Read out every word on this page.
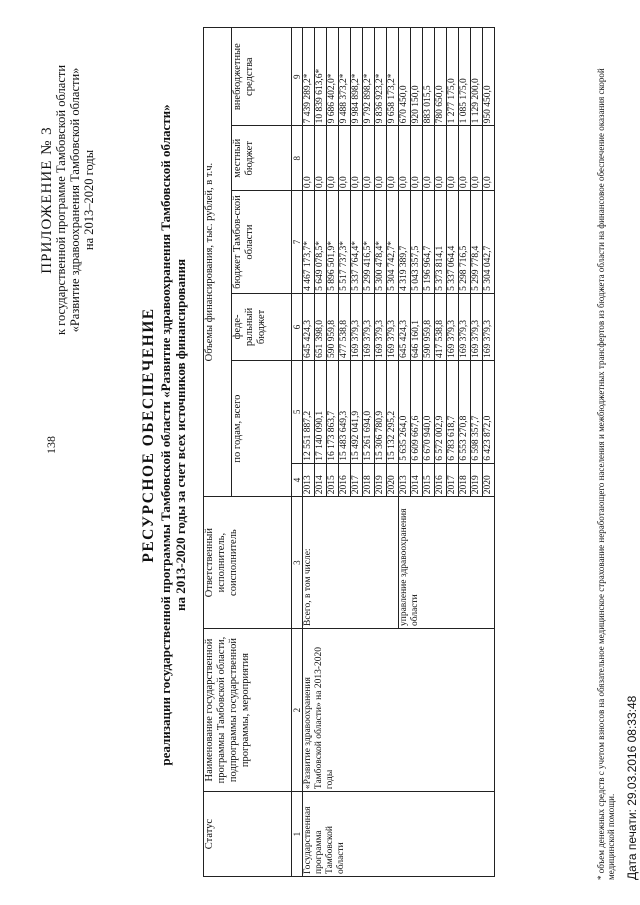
138
ПРИЛОЖЕНИЕ № 3 к государственной программе Тамбовской области «Развитие здравоохранения Тамбовской области» на 2013–2020 годы
РЕСУРСНОЕ ОБЕСПЕЧЕНИЕ реализации государственной программы Тамбовской области «Развитие здравоохранения Тамбовской области» на 2013-2020 годы за счет всех источников финансирования
Статус	Наименование государственной программы Тамбовской области, подпрограммы государственной программы, мероприятия	Ответственный исполнитель, соисполнитель	Объемы финансирования, тыс. рублей, в т.ч.					
			по годам, всего		феде-ральный бюджет	бюджет Тамбов-ской области	местный бюджет	внебюджетные средства
1	2	3	4	5	6	7	8	9
Государственная программа Тамбовской области	«Развитие здравоохранения Тамбовской области» на 2013-2020 годы	Всего, в том числе:	2013	12 551 887,2	645 424,3	4 467 173,7*	0,0	7 439 289,2*
			2014	17 140 090,1	651 398,0	5 649 078,5*	0,0	10 839 613,6*
			2015	16 173 863,7	590 959,8	5 896 501,9*	0,0	9 686 402,0*
			2016	15 483 649,3	477 538,8	5 517 737,3*	0,0	9 488 373,2*
			2017	15 492 041,9	169 379,3	5 337 764,4*	0,0	9 984 898,2*
			2018	15 261 694,0	169 379,3	5 299 416,5*	0,0	9 792 898,2*
			2019	15 306 780,9	169 379,3	5 300 478,4*	0,0	9 836 923,2*
			2020	15 132 295,2	169 379,3	5 304 742,7*	0,0	9 658 173,2*
		управление здравоохранения области	2013	5 635 264,0	645 424,3	4 319 389,7	0,0	670 450,0
			2014	6 609 667,6	646 160,1	5 043 357,5	0,0	920 150,0
			2015	6 670 940,0	590 959,8	5 196 964,7	0,0	883 015,5
			2016	6 572 002,9	417 538,8	5 373 814,1	0,0	780 650,0
			2017	6 783 618,7	169 379,3	5 337 064,4	0,0	1 277 175,0
			2018	6 553 270,8	169 379,3	5 298 716,5	0,0	1 085 175,0
			2019	6 598 357,7	169 379,3	5 299 778,4	0,0	1 129 200,0
			2020	6 423 872,0	169 379,3	5 304 042,7	0,0	950 450,0	* объем денежных средств с учетом взносов на обязательное медицинское страхование неработающего населения и межбюджетных трансфертов из бюджета области на финансовое обеспечение оказания скорой медицинской помощи. Дата печати: 29.03.2016 08:33:48
